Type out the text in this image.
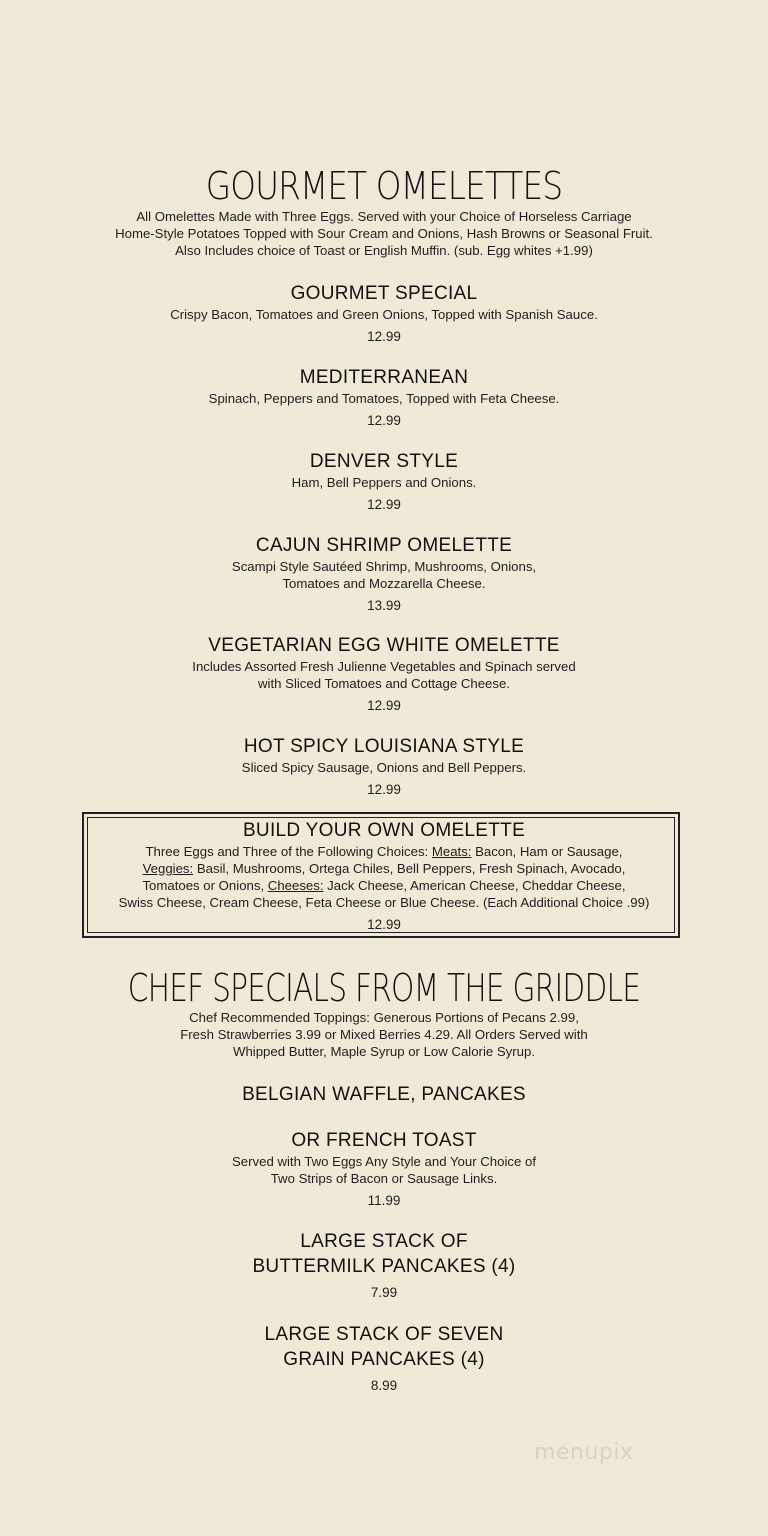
GOURMET OMELETTES
All Omelettes Made with Three Eggs. Served with your Choice of Horseless Carriage
Home-Style Potatoes Topped with Sour Cream and Onions, Hash Browns or Seasonal Fruit.
Also Includes choice of Toast or English Muffin. (sub. Egg whites +1.99)
GOURMET SPECIAL
Crispy Bacon, Tomatoes and Green Onions, Topped with Spanish Sauce.
12.99
MEDITERRANEAN
Spinach, Peppers and Tomatoes, Topped with Feta Cheese.
12.99
DENVER STYLE
Ham, Bell Peppers and Onions.
12.99
CAJUN SHRIMP OMELETTE
Scampi Style Sautéed Shrimp, Mushrooms, Onions,
Tomatoes and Mozzarella Cheese.
13.99
VEGETARIAN EGG WHITE OMELETTE
Includes Assorted Fresh Julienne Vegetables and Spinach served
with Sliced Tomatoes and Cottage Cheese.
12.99
HOT SPICY LOUISIANA STYLE
Sliced Spicy Sausage, Onions and Bell Peppers.
12.99
BUILD YOUR OWN OMELETTE
Three Eggs and Three of the Following Choices: Meats: Bacon, Ham or Sausage,
Veggies: Basil, Mushrooms, Ortega Chiles, Bell Peppers, Fresh Spinach, Avocado,
Tomatoes or Onions, Cheeses: Jack Cheese, American Cheese, Cheddar Cheese,
Swiss Cheese, Cream Cheese, Feta Cheese or Blue Cheese. (Each Additional Choice .99)
12.99
CHEF SPECIALS FROM THE GRIDDLE
Chef Recommended Toppings: Generous Portions of Pecans 2.99,
Fresh Strawberries 3.99 or Mixed Berries 4.29. All Orders Served with
Whipped Butter, Maple Syrup or Low Calorie Syrup.
BELGIAN WAFFLE, PANCAKES
OR FRENCH TOAST
Served with Two Eggs Any Style and Your Choice of
Two Strips of Bacon or Sausage Links.
11.99
LARGE STACK OF
BUTTERMILK PANCAKES (4)
7.99
LARGE STACK OF SEVEN
GRAIN PANCAKES (4)
8.99
menupix
